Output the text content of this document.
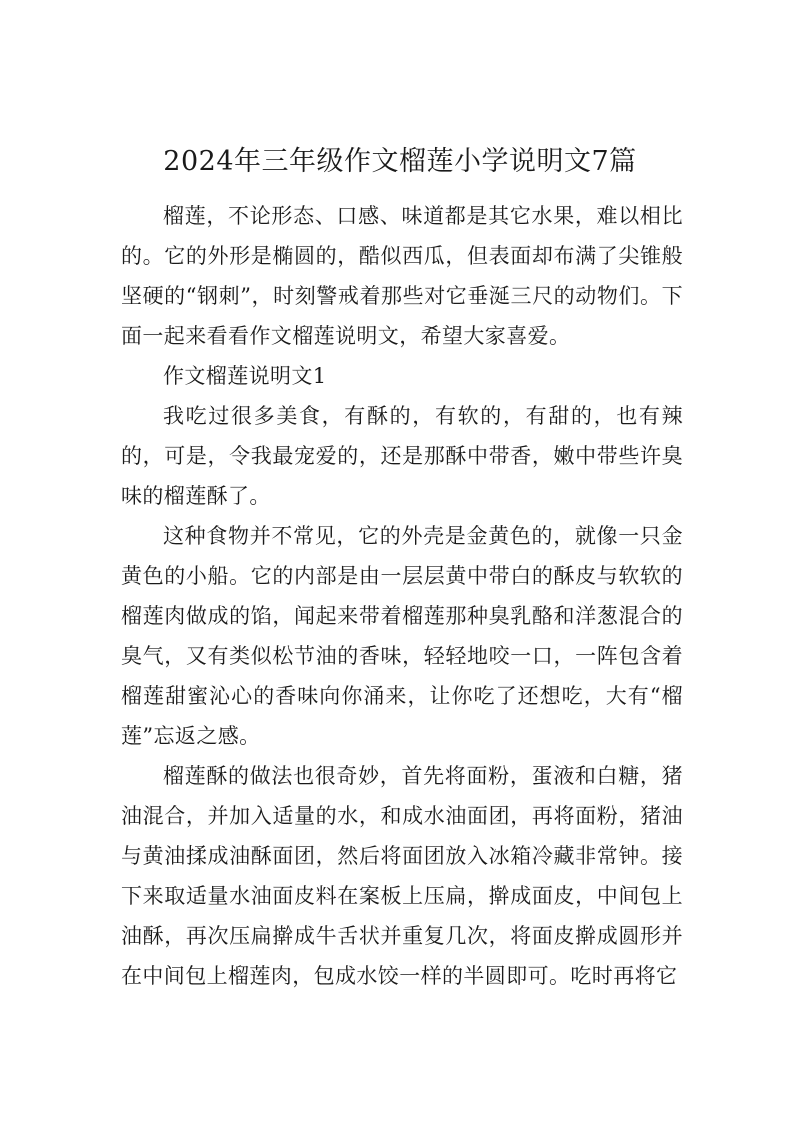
2024年三年级作文榴莲小学说明文7篇

榴莲，不论形态、口感、味道都是其它水果，难以相比的。它的外形是椭圆的，酷似西瓜，但表面却布满了尖锥般坚硬的“钢刺”，时刻警戒着那些对它垂涎三尺的动物们。下面一起来看看作文榴莲说明文，希望大家喜爱。

作文榴莲说明文1

我吃过很多美食，有酥的，有软的，有甜的，也有辣的，可是，令我最宠爱的，还是那酥中带香，嫩中带些许臭味的榴莲酥了。

这种食物并不常见，它的外壳是金黄色的，就像一只金黄色的小船。它的内部是由一层层黄中带白的酥皮与软软的榴莲肉做成的馅，闻起来带着榴莲那种臭乳酪和洋葱混合的臭气，又有类似松节油的香味，轻轻地咬一口，一阵包含着榴莲甜蜜沁心的香味向你涌来，让你吃了还想吃，大有“榴莲”忘返之感。

榴莲酥的做法也很奇妙，首先将面粉，蛋液和白糖，猪油混合，并加入适量的水，和成水油面团，再将面粉，猪油与黄油揉成油酥面团，然后将面团放入冰箱冷藏非常钟。接下来取适量水油面皮料在案板上压扁，擀成面皮，中间包上油酥，再次压扁擀成牛舌状并重复几次，将面皮擀成圆形并在中间包上榴莲肉，包成水饺一样的半圆即可。吃时再将它
